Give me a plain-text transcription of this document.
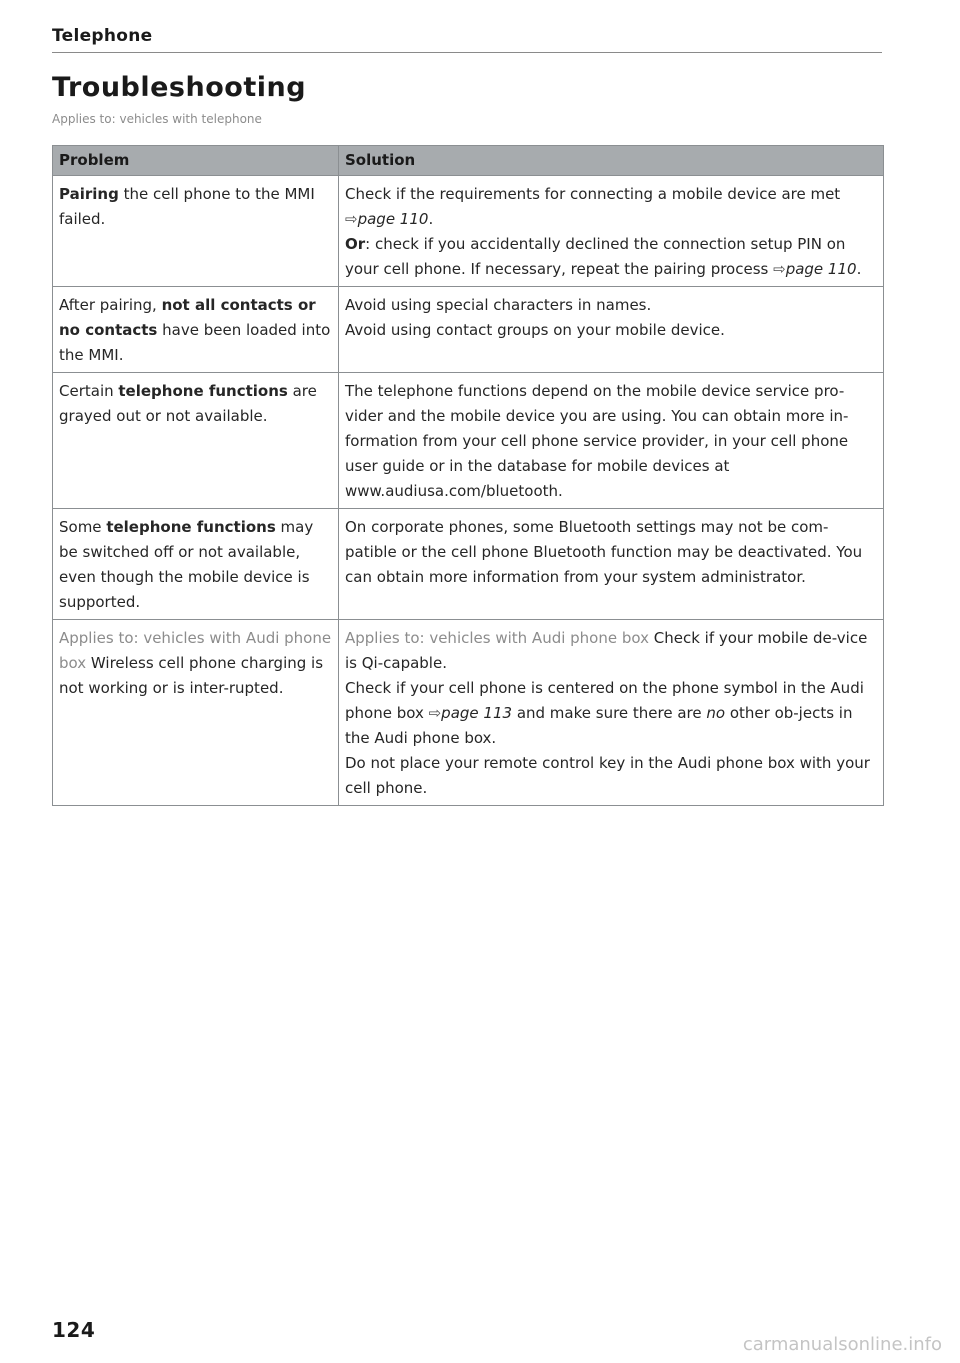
Telephone
Troubleshooting
Applies to: vehicles with telephone
Problem	Solution

Pairing the cell phone to the MMI failed.	Check if the requirements for connecting a mobile device are met ⇨page 110.

Or: check if you accidentally declined the connection setup PIN on your cell phone. If necessary, repeat the pairing process ⇨page 110.

After pairing, not all contacts or no contacts have been loaded into the MMI.	Avoid using special characters in names.

Avoid using contact groups on your mobile device.

Certain telephone functions are grayed out or not available.	The telephone functions depend on the mobile device service pro-vider and the mobile device you are using. You can obtain more in-formation from your cell phone service provider, in your cell phone user guide or in the database for mobile devices at www.audiusa.com/bluetooth.

Some telephone functions may be switched off or not available, even though the mobile device is supported.	On corporate phones, some Bluetooth settings may not be com-patible or the cell phone Bluetooth function may be deactivated. You can obtain more information from your system administrator.

Applies to: vehicles with Audi phone box Wireless cell phone charging is not working or is inter-rupted.	Applies to: vehicles with Audi phone box Check if your mobile de-vice is Qi-capable.

Check if your cell phone is centered on the phone symbol in the Audi phone box ⇨page 113 and make sure there are no other ob-jects in the Audi phone box.

Do not place your remote control key in the Audi phone box with your cell phone.

124
carmanualsonline.info
